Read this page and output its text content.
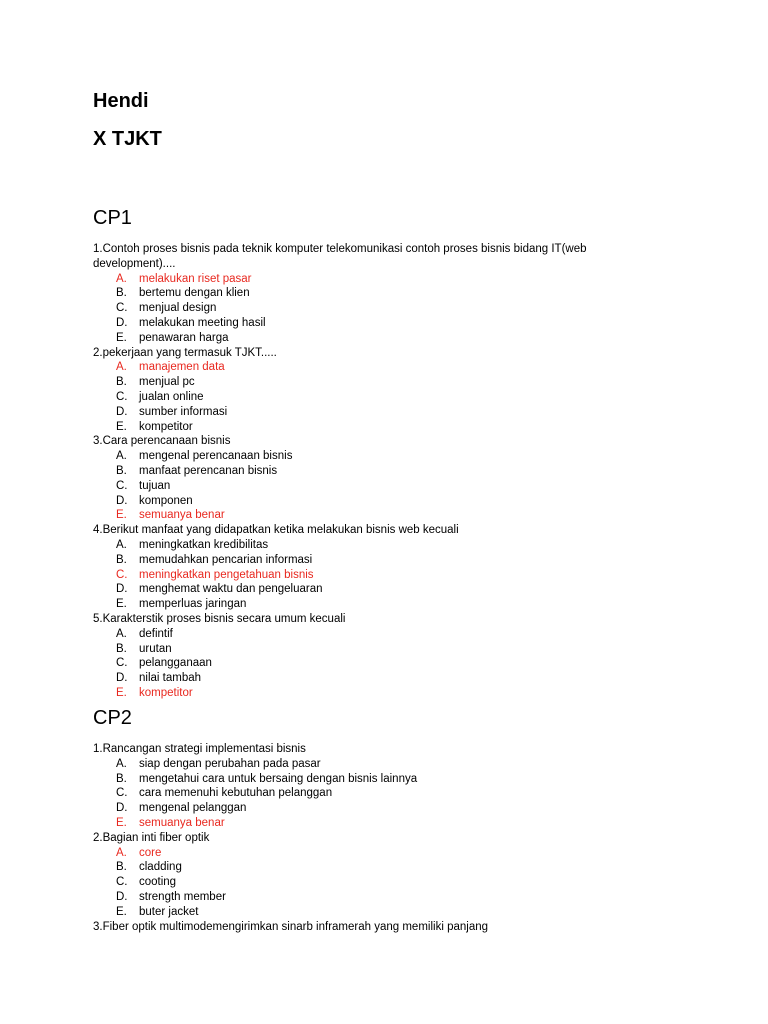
Hendi
X TJKT
CP1
1.Contoh proses bisnis pada teknik komputer telekomunikasi contoh proses bisnis bidang IT(web development)....
A. melakukan riset pasar
B. bertemu dengan klien
C. menjual design
D. melakukan meeting hasil
E. penawaran harga
2.pekerjaan yang termasuk TJKT.....
A. manajemen data
B. menjual pc
C. jualan online
D. sumber informasi
E. kompetitor
3.Cara perencanaan bisnis
A. mengenal perencanaan bisnis
B. manfaat perencanan bisnis
C. tujuan
D. komponen
E. semuanya benar
4.Berikut manfaat yang didapatkan ketika melakukan bisnis web kecuali
A. meningkatkan kredibilitas
B. memudahkan pencarian informasi
C. meningkatkan pengetahuan bisnis
D. menghemat waktu dan pengeluaran
E. memperluas jaringan
5.Karakterstik proses bisnis secara umum kecuali
A. defintif
B. urutan
C. pelangganaan
D. nilai tambah
E. kompetitor
CP2
1.Rancangan strategi implementasi bisnis
A. siap dengan perubahan pada pasar
B. mengetahui cara untuk bersaing dengan bisnis lainnya
C. cara memenuhi kebutuhan pelanggan
D. mengenal pelanggan
E. semuanya benar
2.Bagian inti fiber optik
A. core
B. cladding
C. cooting
D. strength member
E. buter jacket
3.Fiber optik multimodemengirimkan sinarb inframerah yang memiliki panjang
